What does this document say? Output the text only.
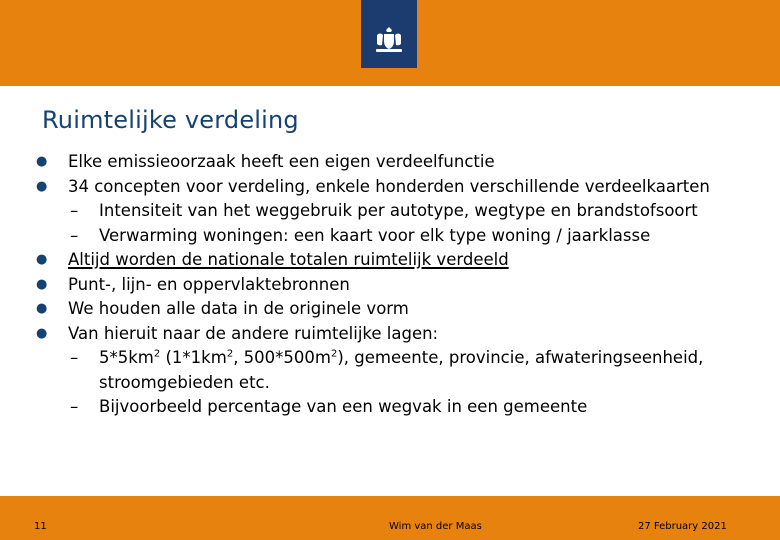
Ruimtelijke verdeling
● Elke emissieoorzaak heeft een eigen verdeelfunctie
● 34 concepten voor verdeling, enkele honderden verschillende verdeelkaarten
– Intensiteit van het weggebruik per autotype, wegtype en brandstofsoort
– Verwarming woningen: een kaart voor elk type woning / jaarklasse
● Altijd worden de nationale totalen ruimtelijk verdeeld
● Punt-, lijn- en oppervlaktebronnen
● We houden alle data in de originele vorm
● Van hieruit naar de andere ruimtelijke lagen:
– $5*5km^2$ ($1*1km^2$, $500*500m^2$), gemeente, provincie, afwateringseenheid, stroomgebieden etc.
– Bijvoorbeeld percentage van een wegvak in een gemeente
11	Wim van der Maas	27 February 2021
